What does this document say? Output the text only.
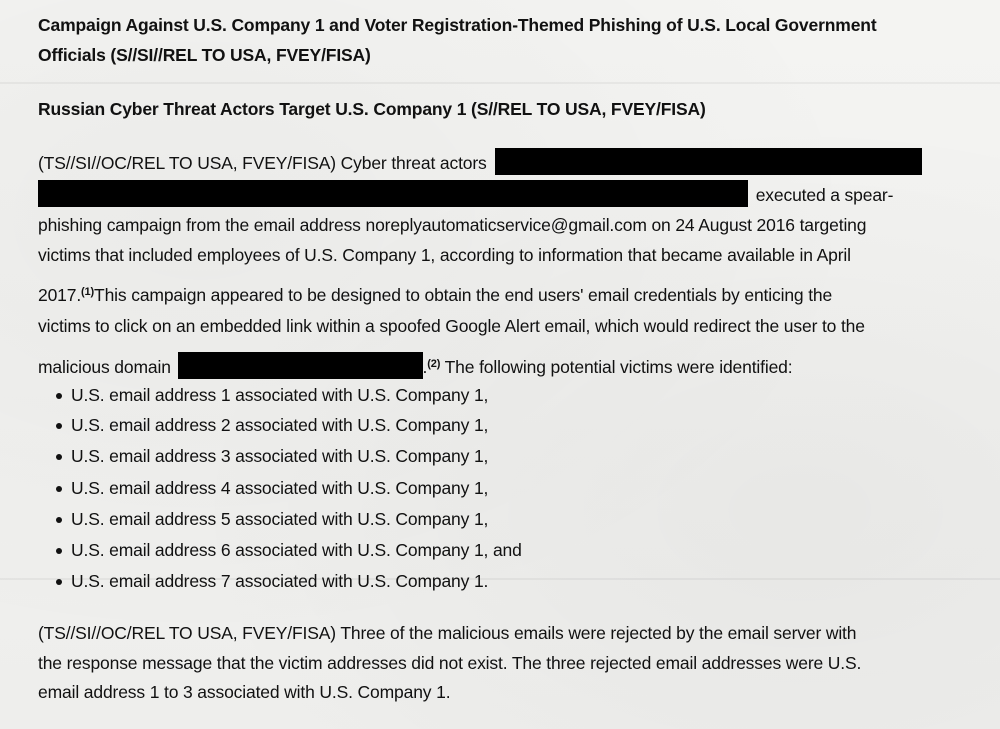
Campaign Against U.S. Company 1 and Voter Registration-Themed Phishing of U.S. Local Government
Officials (S//SI//REL TO USA, FVEY/FISA)
Russian Cyber Threat Actors Target U.S. Company 1 (S//REL TO USA, FVEY/FISA)
(TS//SI//OC/REL TO USA, FVEY/FISA) Cyber threat actors
executed a spear-
phishing campaign from the email address noreplyautomaticservice@gmail.com on 24 August 2016 targeting
victims that included employees of U.S. Company 1, according to information that became available in April
2017.$^{(1)}$This campaign appeared to be designed to obtain the end users' email credentials by enticing the
victims to click on an embedded link within a spoofed Google Alert email, which would redirect the user to the
malicious domain	.$^{(2)}$ The following potential victims were identified:
U.S. email address 1 associated with U.S. Company 1,
U.S. email address 2 associated with U.S. Company 1,
U.S. email address 3 associated with U.S. Company 1,
U.S. email address 4 associated with U.S. Company 1,
U.S. email address 5 associated with U.S. Company 1,
U.S. email address 6 associated with U.S. Company 1, and
U.S. email address 7 associated with U.S. Company 1.
(TS//SI//OC/REL TO USA, FVEY/FISA) Three of the malicious emails were rejected by the email server with
the response message that the victim addresses did not exist. The three rejected email addresses were U.S.
email address 1 to 3 associated with U.S. Company 1.
